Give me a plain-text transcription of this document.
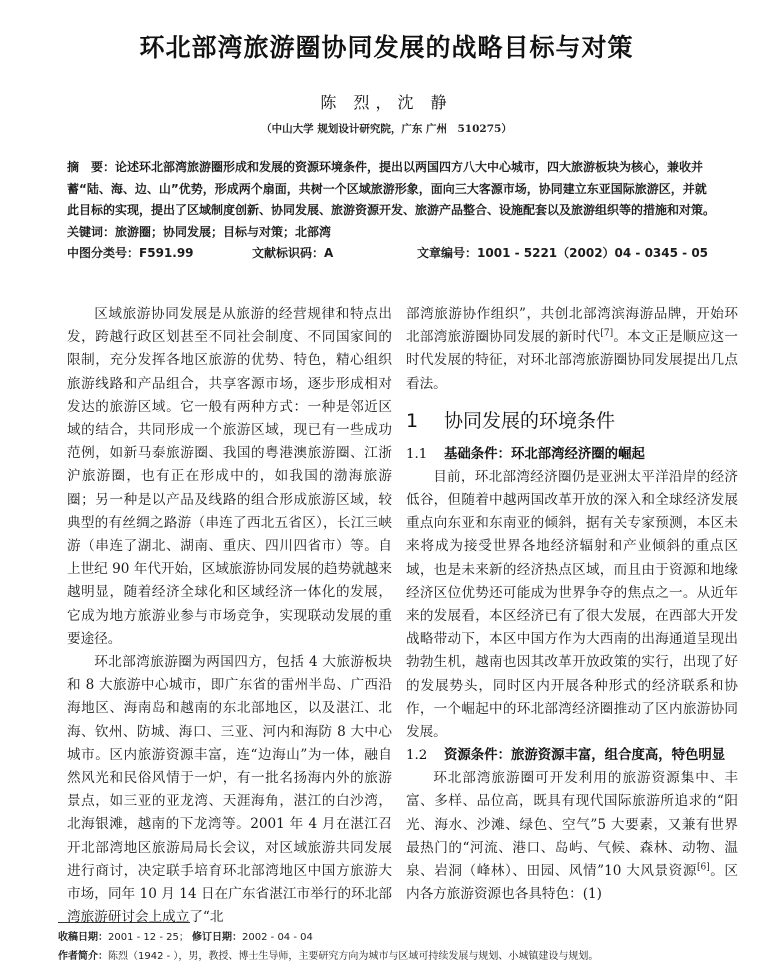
环北部湾旅游圈协同发展的战略目标与对策
陈 烈，沈 静
（中山大学 规划设计研究院，广东 广州　510275）
摘　要：论述环北部湾旅游圈形成和发展的资源环境条件，提出以两国四方八大中心城市，四大旅游板块为核心，兼收并蓄“陆、海、边、山”优势，形成两个扇面，共树一个区域旅游形象，面向三大客源市场，协同建立东亚国际旅游区，并就此目标的实现，提出了区域制度创新、协同发展、旅游资源开发、旅游产品整合、设施配套以及旅游组织等的措施和对策。
关键词：旅游圈；协同发展；目标与对策；北部湾
中图分类号：F591.99	文献标识码：A	文章编号：1001 - 5221（2002）04 - 0345 - 05

区域旅游协同发展是从旅游的经营规律和特点出发，跨越行政区划甚至不同社会制度、不同国家间的限制，充分发挥各地区旅游的优势、特色，精心组织旅游线路和产品组合，共享客源市场，逐步形成相对发达的旅游区域。它一般有两种方式：一种是邻近区域的结合，共同形成一个旅游区域，现已有一些成功范例，如新马泰旅游圈、我国的粤港澳旅游圈、江浙沪旅游圈，也有正在形成中的，如我国的渤海旅游圈；另一种是以产品及线路的组合形成旅游区域，较典型的有丝绸之路游（串连了西北五省区），长江三峡游（串连了湖北、湖南、重庆、四川四省市）等。自上世纪 90 年代开始，区域旅游协同发展的趋势就越来越明显，随着经济全球化和区域经济一体化的发展，它成为地方旅游业参与市场竞争，实现联动发展的重要途径。

环北部湾旅游圈为两国四方，包括 4 大旅游板块和 8 大旅游中心城市，即广东省的雷州半岛、广西沿海地区、海南岛和越南的东北部地区，以及湛江、北海、钦州、防城、海口、三亚、河内和海防 8 大中心城市。区内旅游资源丰富，连“边海山”为一体，融自然风光和民俗风情于一炉，有一批名扬海内外的旅游景点，如三亚的亚龙湾、天涯海角，湛江的白沙湾，北海银滩，越南的下龙湾等。2001 年 4 月在湛江召开北部湾地区旅游局局长会议，对区域旅游共同发展进行商讨，决定联手培育环北部湾地区中国方旅游大市场，同年 10 月 14 日在广东省湛江市举行的环北部湾旅游研讨会上成立了“北

部湾旅游协作组织”，共创北部湾滨海游品牌，开始环北部湾旅游圈协同发展的新时代[7]。本文正是顺应这一时代发展的特征，对环北部湾旅游圈协同发展提出几点看法。

1 协同发展的环境条件
1.1 基础条件：环北部湾经济圈的崛起

目前，环北部湾经济圈仍是亚洲太平洋沿岸的经济低谷，但随着中越两国改革开放的深入和全球经济发展重点向东亚和东南亚的倾斜，据有关专家预测，本区未来将成为接受世界各地经济辐射和产业倾斜的重点区域，也是未来新的经济热点区域，而且由于资源和地缘经济区位优势还可能成为世界争夺的焦点之一。从近年来的发展看，本区经济已有了很大发展，在西部大开发战略带动下，本区中国方作为大西南的出海通道呈现出勃勃生机，越南也因其改革开放政策的实行，出现了好的发展势头，同时区内开展各种形式的经济联系和协作，一个崛起中的环北部湾经济圈推动了区内旅游协同发展。

1.2 资源条件：旅游资源丰富，组合度高，特色明显

环北部湾旅游圈可开发利用的旅游资源集中、丰富、多样、品位高，既具有现代国际旅游所追求的“阳光、海水、沙滩、绿色、空气”5 大要素，又兼有世界最热门的“河流、港口、岛屿、气候、森林、动物、温泉、岩洞（峰林）、田园、风情”10 大风景资源[6]。区内各方旅游资源也各具特色：(1)

收稿日期：2001 - 12 - 25； 修订日期：2002 - 04 - 04
作者简介：陈烈（1942 - ），男，教授、博士生导师，主要研究方向为城市与区域可持续发展与规划、小城镇建设与规划。
